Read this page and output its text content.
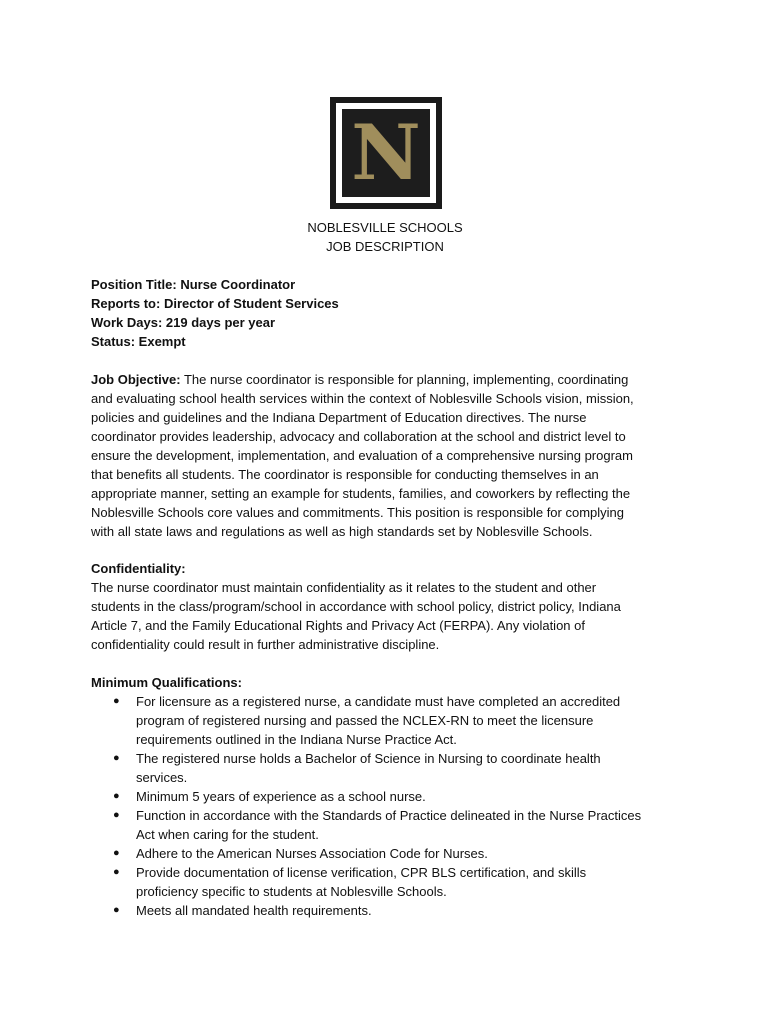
N
NOBLESVILLE SCHOOLS
JOB DESCRIPTION
Position Title: Nurse Coordinator
Reports to: Director of Student Services
Work Days: 219 days per year
Status: Exempt
Job Objective: The nurse coordinator is responsible for planning, implementing, coordinating
and evaluating school health services within the context of Noblesville Schools vision, mission,
policies and guidelines and the Indiana Department of Education directives. The nurse
coordinator provides leadership, advocacy and collaboration at the school and district level to
ensure the development, implementation, and evaluation of a comprehensive nursing program
that benefits all students. The coordinator is responsible for conducting themselves in an
appropriate manner, setting an example for students, families, and coworkers by reflecting the
Noblesville Schools core values and commitments. This position is responsible for complying
with all state laws and regulations as well as high standards set by Noblesville Schools.
Confidentiality:
The nurse coordinator must maintain confidentiality as it relates to the student and other
students in the class/program/school in accordance with school policy, district policy, Indiana
Article 7, and the Family Educational Rights and Privacy Act (FERPA). Any violation of
confidentiality could result in further administrative discipline.
Minimum Qualifications:
● For licensure as a registered nurse, a candidate must have completed an accredited
program of registered nursing and passed the NCLEX-RN to meet the licensure
requirements outlined in the Indiana Nurse Practice Act.
● The registered nurse holds a Bachelor of Science in Nursing to coordinate health
services.
● Minimum 5 years of experience as a school nurse.
● Function in accordance with the Standards of Practice delineated in the Nurse Practices
Act when caring for the student.
● Adhere to the American Nurses Association Code for Nurses.
● Provide documentation of license verification, CPR BLS certification, and skills
proficiency specific to students at Noblesville Schools.
● Meets all mandated health requirements.
